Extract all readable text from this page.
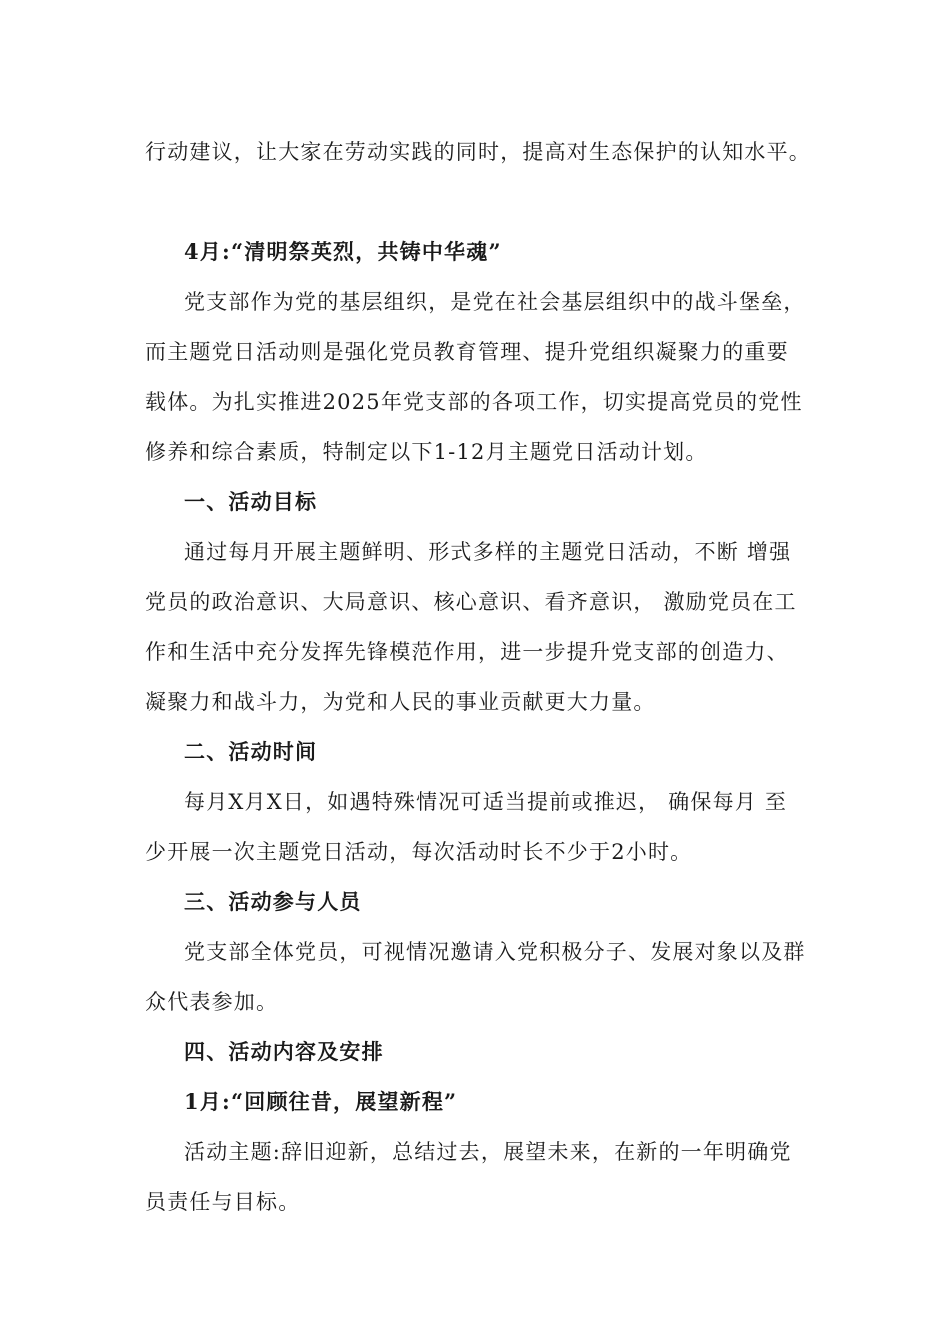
行动建议，让大家在劳动实践的同时，提高对生态保护的认知水平。
4月:“清明祭英烈，共铸中华魂”
党支部作为党的基层组织，是党在社会基层组织中的战斗堡垒，
而主题党日活动则是强化党员教育管理、提升党组织凝聚力的重要
载体。为扎实推进2025年党支部的各项工作，切实提高党员的党性
修养和综合素质，特制定以下1-12月主题党日活动计划。
一、活动目标
通过每月开展主题鲜明、形式多样的主题党日活动，不断 增强
党员的政治意识、大局意识、核心意识、看齐意识， 激励党员在工
作和生活中充分发挥先锋模范作用，进一步提升党支部的创造力、
凝聚力和战斗力，为党和人民的事业贡献更大力量。
二、活动时间
每月X月X日，如遇特殊情况可适当提前或推迟， 确保每月 至
少开展一次主题党日活动，每次活动时长不少于2小时。
三、活动参与人员
党支部全体党员，可视情况邀请入党积极分子、发展对象以及群
众代表参加。
四、活动内容及安排
1月:“回顾往昔，展望新程”
活动主题:辞旧迎新，总结过去，展望未来，在新的一年明确党
员责任与目标。
